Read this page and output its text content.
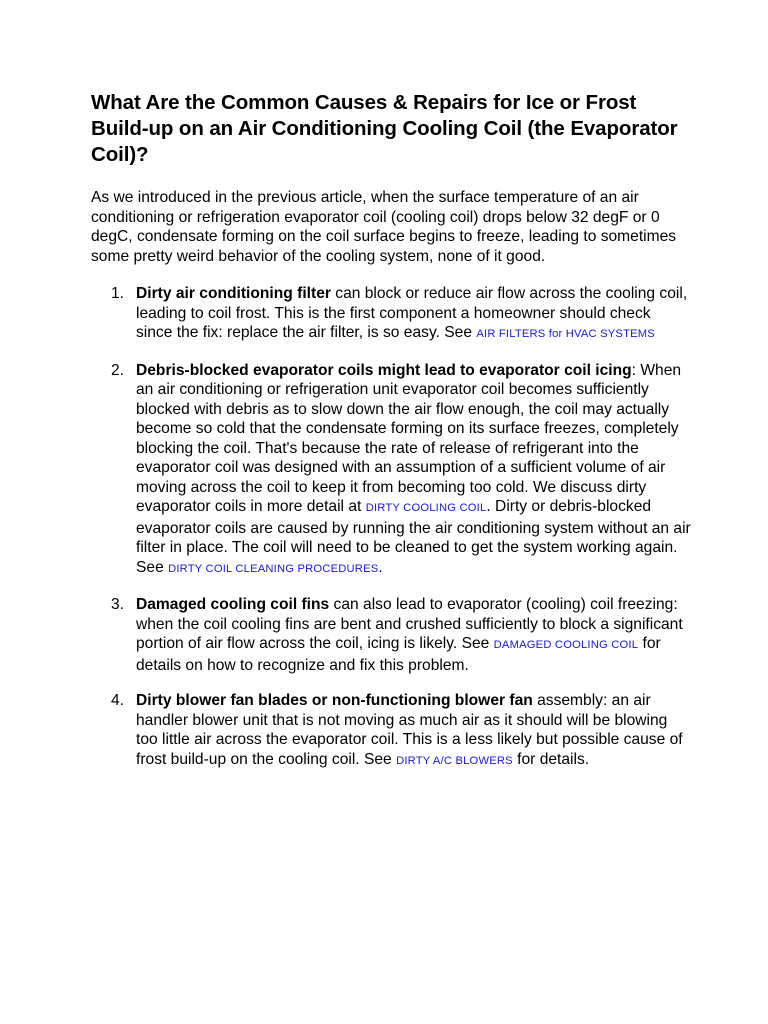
What Are the Common Causes & Repairs for Ice or Frost Build-up on an Air Conditioning Cooling Coil (the Evaporator Coil)?

As we introduced in the previous article, when the surface temperature of an air conditioning or refrigeration evaporator coil (cooling coil) drops below 32 degF or 0 degC, condensate forming on the coil surface begins to freeze, leading to sometimes some pretty weird behavior of the cooling system, none of it good.

1. Dirty air conditioning filter can block or reduce air flow across the cooling coil, leading to coil frost. This is the first component a homeowner should check since the fix: replace the air filter, is so easy. See AIR FILTERS for HVAC SYSTEMS
2. Debris-blocked evaporator coils might lead to evaporator coil icing: When an air conditioning or refrigeration unit evaporator coil becomes sufficiently blocked with debris as to slow down the air flow enough, the coil may actually become so cold that the condensate forming on its surface freezes, completely blocking the coil. That's because the rate of release of refrigerant into the evaporator coil was designed with an assumption of a sufficient volume of air moving across the coil to keep it from becoming too cold. We discuss dirty evaporator coils in more detail at DIRTY COOLING COIL. Dirty or debris-blocked evaporator coils are caused by running the air conditioning system without an air filter in place. The coil will need to be cleaned to get the system working again. See DIRTY COIL CLEANING PROCEDURES.
3. Damaged cooling coil fins can also lead to evaporator (cooling) coil freezing: when the coil cooling fins are bent and crushed sufficiently to block a significant portion of air flow across the coil, icing is likely. See DAMAGED COOLING COIL for details on how to recognize and fix this problem.
4. Dirty blower fan blades or non-functioning blower fan assembly: an air handler blower unit that is not moving as much air as it should will be blowing too little air across the evaporator coil. This is a less likely but possible cause of frost build-up on the cooling coil. See DIRTY A/C BLOWERS for details.
